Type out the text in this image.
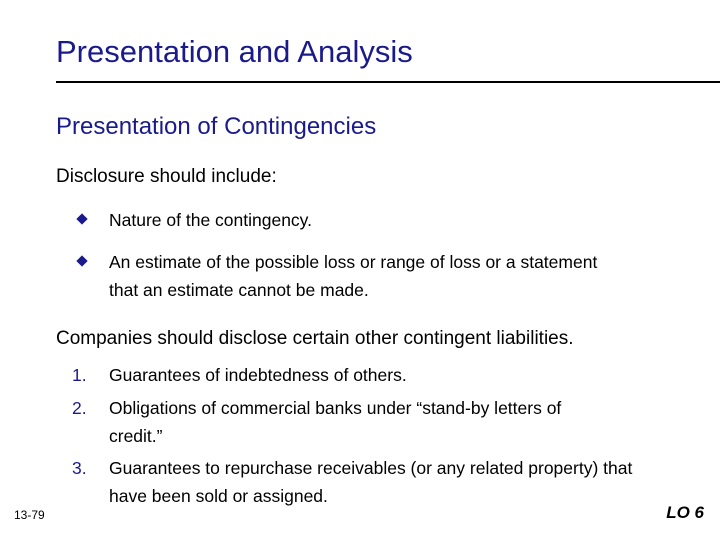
Presentation and Analysis
Presentation of Contingencies
Disclosure should include:
Nature of the contingency.
An estimate of the possible loss or range of loss or a statement that an estimate cannot be made.
Companies should disclose certain other contingent liabilities.
1. Guarantees of indebtedness of others.
2. Obligations of commercial banks under “stand-by letters of credit.”
3. Guarantees to repurchase receivables (or any related property) that have been sold or assigned.
13-79	LO 6
